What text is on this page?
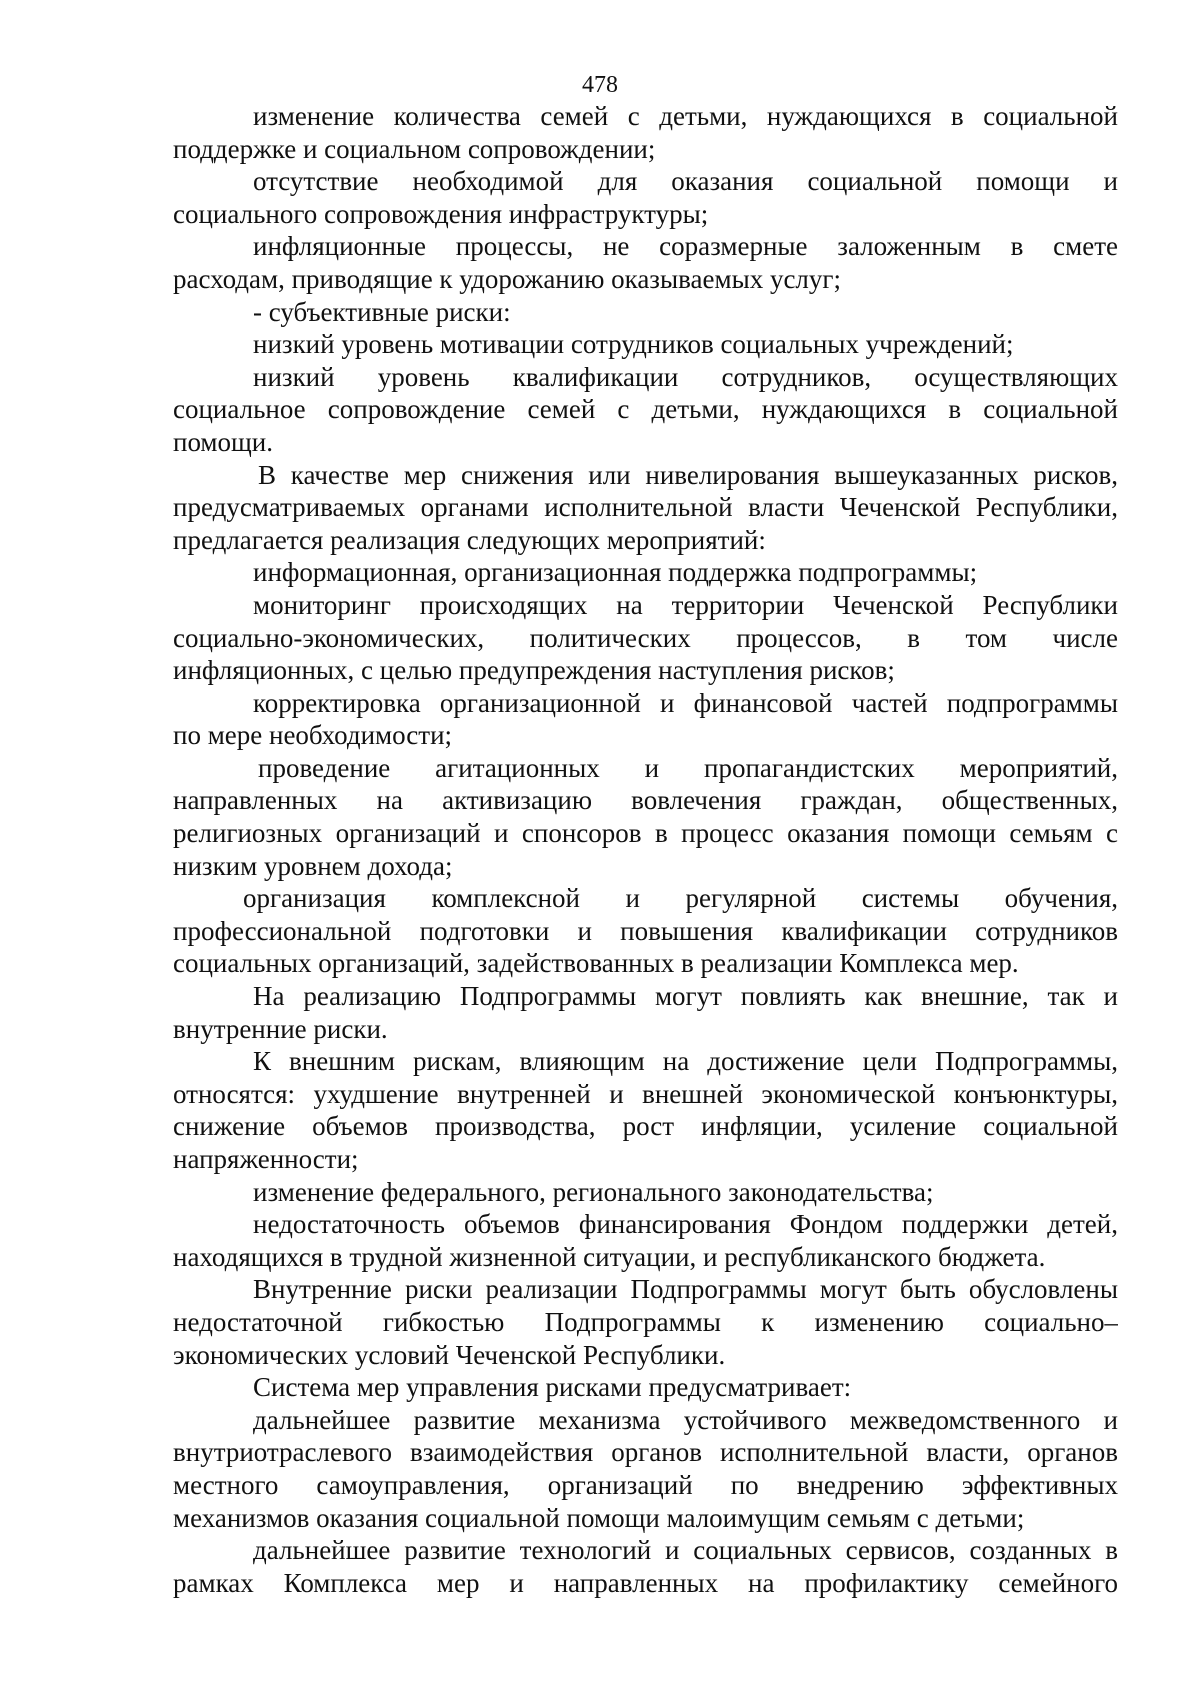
478
изменение количества семей с детьми, нуждающихся в социальной
поддержке и социальном сопровождении;
отсутствие необходимой для оказания социальной помощи и
социального сопровождения инфраструктуры;
инфляционные процессы, не соразмерные заложенным в смете
расходам, приводящие к удорожанию оказываемых услуг;
- субъективные риски:
низкий уровень мотивации сотрудников социальных учреждений;
низкий уровень квалификации сотрудников, осуществляющих
социальное сопровождение семей с детьми, нуждающихся в социальной
помощи.
В качестве мер снижения или нивелирования вышеуказанных рисков,
предусматриваемых органами исполнительной власти Чеченской Республики,
предлагается реализация следующих мероприятий:
информационная, организационная поддержка подпрограммы;
мониторинг происходящих на территории Чеченской Республики
социально-экономических, политических процессов, в том числе
инфляционных, с целью предупреждения наступления рисков;
корректировка организационной и финансовой частей подпрограммы
по мере необходимости;
проведение агитационных и пропагандистских мероприятий,
направленных на активизацию вовлечения граждан, общественных,
религиозных организаций и спонсоров в процесс оказания помощи семьям с
низким уровнем дохода;
организация комплексной и регулярной системы обучения,
профессиональной подготовки и повышения квалификации сотрудников
социальных организаций, задействованных в реализации Комплекса мер.
На реализацию Подпрограммы могут повлиять как внешние, так и
внутренние риски.
К внешним рискам, влияющим на достижение цели Подпрограммы,
относятся: ухудшение внутренней и внешней экономической конъюнктуры,
снижение объемов производства, рост инфляции, усиление социальной
напряженности;
изменение федерального, регионального законодательства;
недостаточность объемов финансирования Фондом поддержки детей,
находящихся в трудной жизненной ситуации, и республиканского бюджета.
Внутренние риски реализации Подпрограммы могут быть обусловлены
недостаточной гибкостью Подпрограммы к изменению социально–
экономических условий Чеченской Республики.
Система мер управления рисками предусматривает:
дальнейшее развитие механизма устойчивого межведомственного и
внутриотраслевого взаимодействия органов исполнительной власти, органов
местного самоуправления, организаций по внедрению эффективных
механизмов оказания социальной помощи малоимущим семьям с детьми;
дальнейшее развитие технологий и социальных сервисов, созданных в
рамках Комплекса мер и направленных на профилактику семейного
